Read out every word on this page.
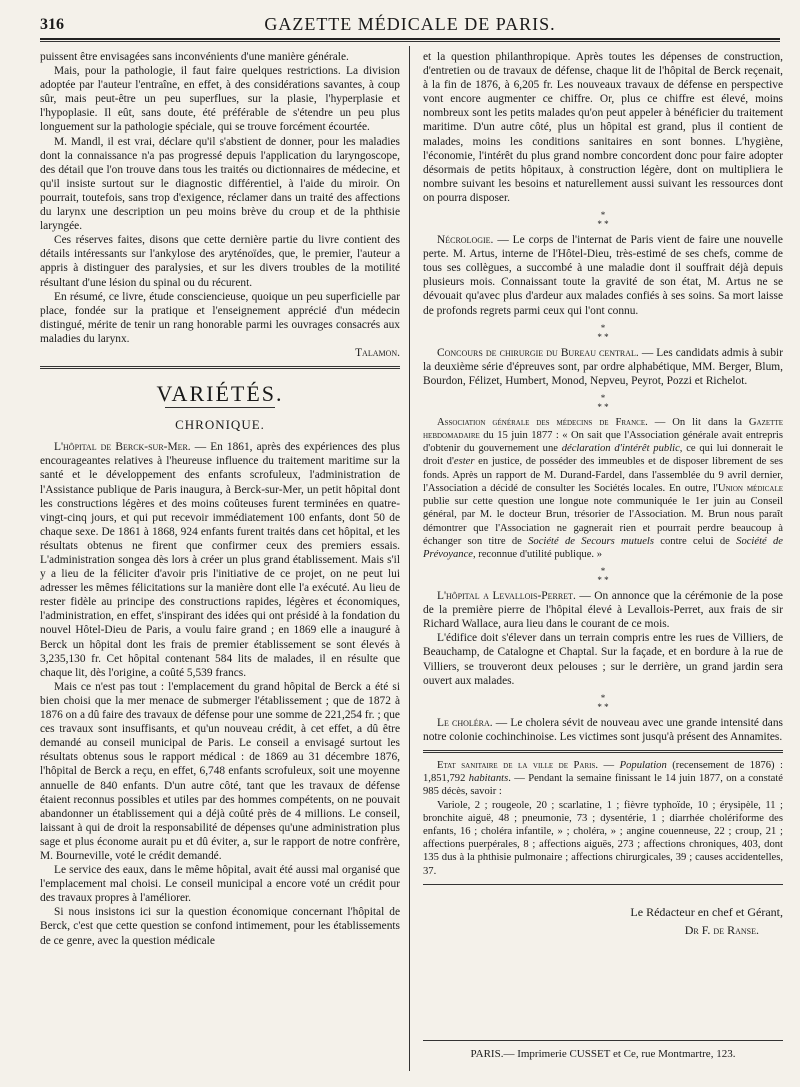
316	GAZETTE MÉDICALE DE PARIS.

puissent être envisagées sans inconvénients d'une manière générale.

Mais, pour la pathologie, il faut faire quelques restrictions. La division adoptée par l'auteur l'entraîne, en effet, à des considérations savantes, à coup sûr, mais peut-être un peu superflues, sur la plasie, l'hyperplasie et l'hypoplasie. Il eût, sans doute, été préférable de s'étendre un peu plus longuement sur la pathologie spéciale, qui se trouve forcément écourtée.

M. Mandl, il est vrai, déclare qu'il s'abstient de donner, pour les maladies dont la connaissance n'a pas progressé depuis l'application du laryngoscope, des détail que l'on trouve dans tous les traités ou dictionnaires de médecine, et qu'il insiste surtout sur le diagnostic différentiel, à l'aide du miroir. On pourrait, toutefois, sans trop d'exigence, réclamer dans un traité des affections du larynx une description un peu moins brève du croup et de la phthisie laryngée.

Ces réserves faites, disons que cette dernière partie du livre contient des détails intéressants sur l'ankylose des aryténoïdes, que, le premier, l'auteur a appris à distinguer des paralysies, et sur les divers troubles de la motilité résultant d'une lésion du spinal ou du récurent.

En résumé, ce livre, étude consciencieuse, quoique un peu superficielle par place, fondée sur la pratique et l'enseignement apprécié d'un médecin distingué, mérite de tenir un rang honorable parmi les ouvrages consacrés aux maladies du larynx.

Talamon.

VARIÉTÉS.
CHRONIQUE.

L'hôpital de Berck-sur-Mer. — En 1861, après des expériences des plus encourageantes relatives à l'heureuse influence du traitement maritime sur la santé et le développement des enfants scrofuleux, l'administration de l'Assistance publique de Paris inaugura, à Berck-sur-Mer, un petit hôpital dont les constructions légères et des moins coûteuses furent terminées en quatre-vingt-cinq jours, et qui put recevoir immédiatement 100 enfants, dont 50 de chaque sexe. De 1861 à 1868, 924 enfants furent traités dans cet hôpital, et les résultats obtenus ne firent que confirmer ceux des premiers essais. L'administration songea dès lors à créer un plus grand établissement. Mais s'il y a lieu de la féliciter d'avoir pris l'initiative de ce projet, on ne peut lui adresser les mêmes félicitations sur la manière dont elle l'a exécuté. Au lieu de rester fidèle au principe des constructions rapides, légères et économiques, l'administration, en effet, s'inspirant des idées qui ont présidé à la fondation du nouvel Hôtel-Dieu de Paris, a voulu faire grand ; en 1869 elle a inauguré à Berck un hôpital dont les frais de premier établissement se sont élevés à 3,235,130 fr. Cet hôpital contenant 584 lits de malades, il en résulte que chaque lit, dès l'origine, a coûté 5,539 francs.

Mais ce n'est pas tout : l'emplacement du grand hôpital de Berck a été si bien choisi que la mer menace de submerger l'établissement ; que de 1872 à 1876 on a dû faire des travaux de défense pour une somme de 221,254 fr. ; que ces travaux sont insuffisants, et qu'un nouveau crédit, à cet effet, a dû être demandé au conseil municipal de Paris. Le conseil a envisagé surtout les résultats obtenus sous le rapport médical : de 1869 au 31 décembre 1876, l'hôpital de Berck a reçu, en effet, 6,748 enfants scrofuleux, soit une moyenne annuelle de 840 enfants. D'un autre côté, tant que les travaux de défense étaient reconnus possibles et utiles par des hommes compétents, on ne pouvait abandonner un établissement qui a déjà coûté près de 4 millions. Le conseil, laissant à qui de droit la responsabilité de dépenses qu'une administration plus sage et plus économe aurait pu et dû éviter, a, sur le rapport de notre confrère, M. Bourneville, voté le crédit demandé.

Le service des eaux, dans le même hôpital, avait été aussi mal organisé que l'emplacement mal choisi. Le conseil municipal a encore voté un crédit pour des travaux propres à l'améliorer.

Si nous insistons ici sur la question économique concernant l'hôpital de Berck, c'est que cette question se confond intimement, pour les établissements de ce genre, avec la question médicale

et la question philanthropique. Après toutes les dépenses de construction, d'entretien ou de travaux de défense, chaque lit de l'hôpital de Berck reçenait, à la fin de 1876, à 6,205 fr. Les nouveaux travaux de défense en perspective vont encore augmenter ce chiffre. Or, plus ce chiffre est élevé, moins nombreux sont les petits malades qu'on peut appeler à bénéficier du traitement maritime. D'un autre côté, plus un hôpital est grand, plus il contient de malades, moins les conditions sanitaires en sont bonnes. L'hygiène, l'économie, l'intérêt du plus grand nombre concordent donc pour faire adopter désormais de petits hôpitaux, à construction légère, dont on multipliera le nombre suivant les besoins et naturellement aussi suivant les ressources dont on pourra disposer.

*
* *

Nécrologie. — Le corps de l'internat de Paris vient de faire une nouvelle perte. M. Artus, interne de l'Hôtel-Dieu, très-estimé de ses chefs, comme de tous ses collègues, a succombé à une maladie dont il souffrait déjà depuis plusieurs mois. Connaissant toute la gravité de son état, M. Artus ne se dévouait qu'avec plus d'ardeur aux malades confiés à ses soins. Sa mort laisse de profonds regrets parmi ceux qui l'ont connu.

*
* *

Concours de chirurgie du Bureau central. — Les candidats admis à subir la deuxième série d'épreuves sont, par ordre alphabétique, MM. Berger, Blum, Bourdon, Félizet, Humbert, Monod, Nepveu, Peyrot, Pozzi et Richelot.

*
* *

Association générale des médecins de France. — On lit dans la Gazette hebdomadaire du 15 juin 1877 : « On sait que l'Association générale avait entrepris d'obtenir du gouvernement une déclaration d'intérêt public, ce qui lui donnerait le droit d'ester en justice, de posséder des immeubles et de disposer librement de ses fonds. Après un rapport de M. Durand-Fardel, dans l'assemblée du 9 avril dernier, l'Association a décidé de consulter les Sociétés locales. En outre, l'Union médicale publie sur cette question une longue note communiquée le 1er juin au Conseil général, par M. le docteur Brun, trésorier de l'Association. M. Brun nous paraît démontrer que l'Association ne gagnerait rien et pourrait perdre beaucoup à échanger son titre de Société de Secours mutuels contre celui de Société de Prévoyance, reconnue d'utilité publique. »

*
* *

L'hôpital a Levallois-Perret. — On annonce que la cérémonie de la pose de la première pierre de l'hôpital élevé à Levallois-Perret, aux frais de sir Richard Wallace, aura lieu dans le courant de ce mois.

L'édifice doit s'élever dans un terrain compris entre les rues de Villiers, de Beauchamp, de Catalogne et Chaptal. Sur la façade, et en bordure à la rue de Villiers, se trouveront deux pelouses ; sur le derrière, un grand jardin sera ouvert aux malades.

*
* *

Le choléra. — Le cholera sévit de nouveau avec une grande intensité dans notre colonie cochinchinoise. Les victimes sont jusqu'à présent des Annamites.

Etat sanitaire de la ville de Paris. — Population (recensement de 1876) : 1,851,792 habitants. — Pendant la semaine finissant le 14 juin 1877, on a constaté 985 décès, savoir :

Variole, 2 ; rougeole, 20 ; scarlatine, 1 ; fièvre typhoïde, 10 ; érysipèle, 11 ; bronchite aiguë, 48 ; pneumonie, 73 ; dysentérie, 1 ; diarrhée cholériforme des enfants, 16 ; choléra infantile, » ; choléra, » ; angine couenneuse, 22 ; croup, 21 ; affections puerpérales, 8 ; affections aiguës, 273 ; affections chroniques, 403, dont 135 dus à la phthisie pulmonaire ; affections chirurgicales, 39 ; causes accidentelles, 37.

Le Rédacteur en chef et Gérant,
Dr F. de Ranse.
PARIS.— Imprimerie CUSSET et Ce, rue Montmartre, 123.
